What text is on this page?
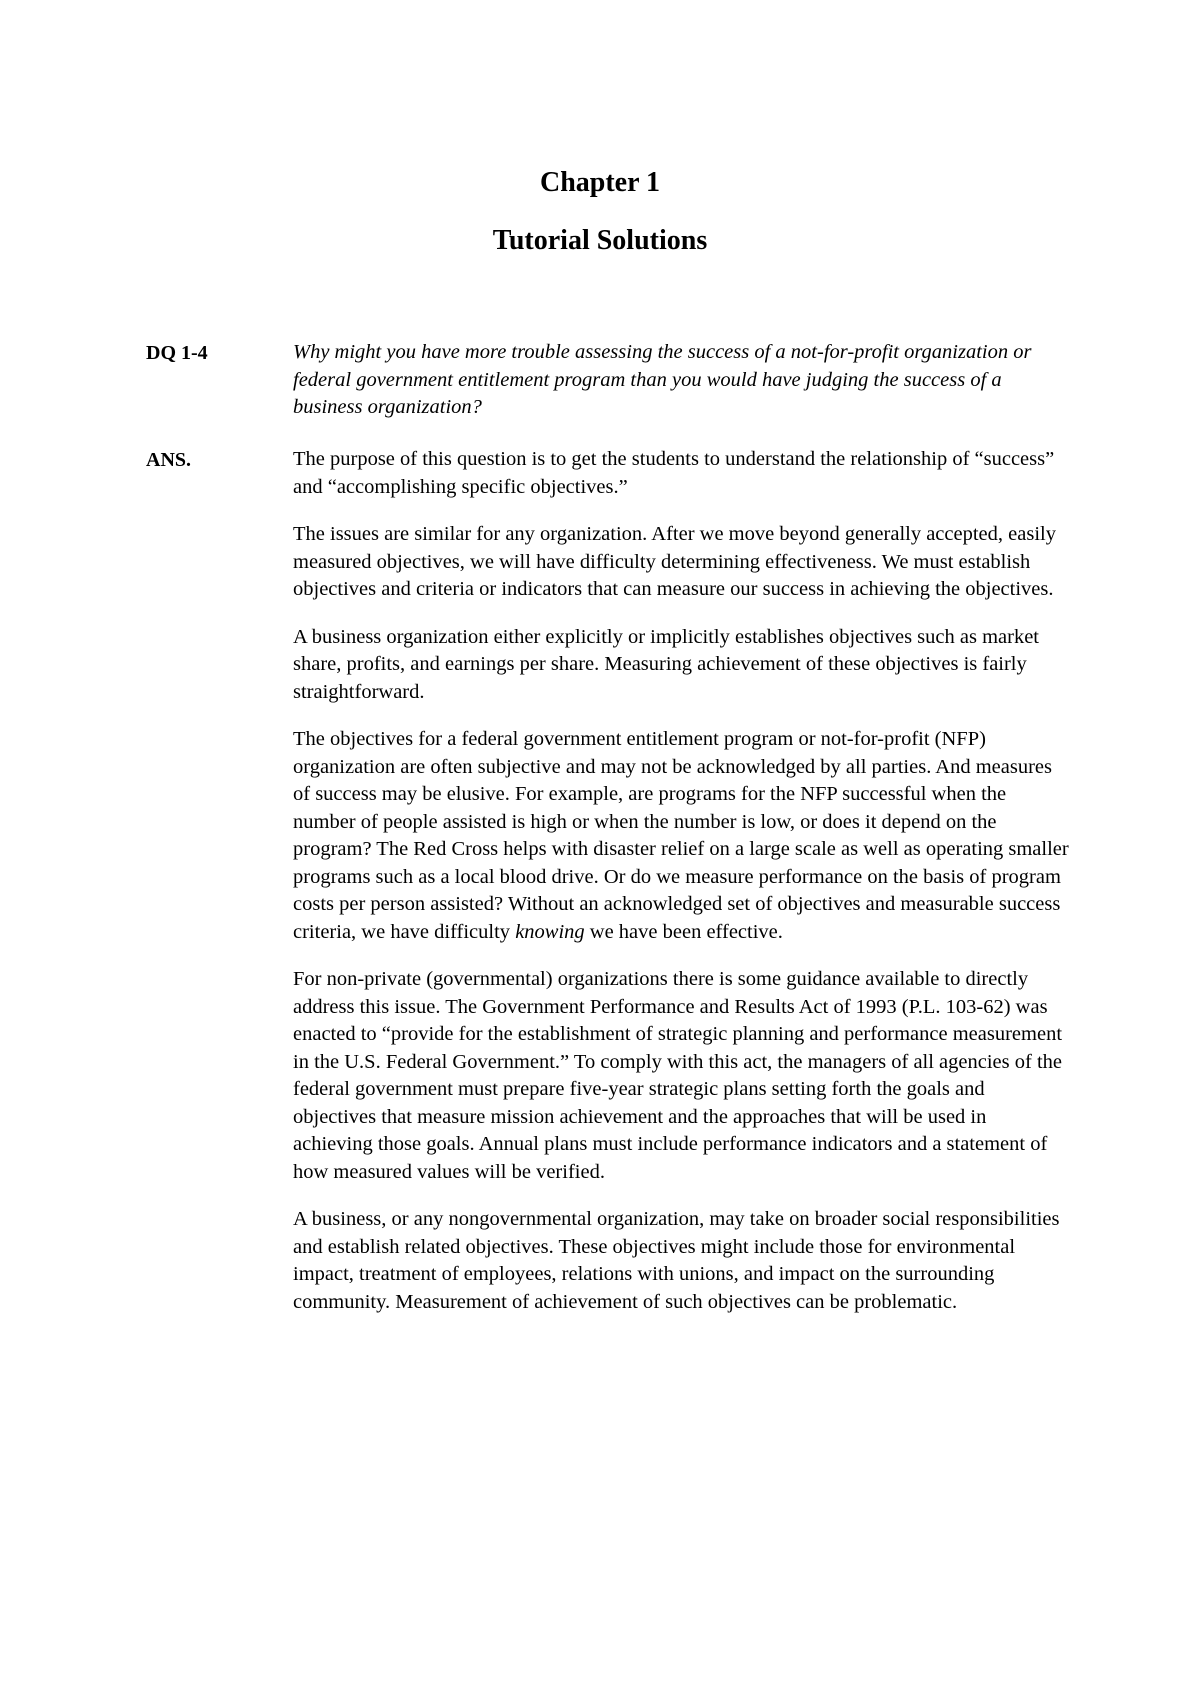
Chapter 1
Tutorial Solutions
DQ 1-4	Why might you have more trouble assessing the success of a not-for-profit organization or federal government entitlement program than you would have judging the success of a business organization?
ANS.	The purpose of this question is to get the students to understand the relationship of “success” and “accomplishing specific objectives.”

The issues are similar for any organization. After we move beyond generally accepted, easily measured objectives, we will have difficulty determining effectiveness. We must establish objectives and criteria or indicators that can measure our success in achieving the objectives.

A business organization either explicitly or implicitly establishes objectives such as market share, profits, and earnings per share. Measuring achievement of these objectives is fairly straightforward.

The objectives for a federal government entitlement program or not-for-profit (NFP) organization are often subjective and may not be acknowledged by all parties. And measures of success may be elusive. For example, are programs for the NFP successful when the number of people assisted is high or when the number is low, or does it depend on the program? The Red Cross helps with disaster relief on a large scale as well as operating smaller programs such as a local blood drive. Or do we measure performance on the basis of program costs per person assisted? Without an acknowledged set of objectives and measurable success criteria, we have difficulty knowing we have been effective.

For non-private (governmental) organizations there is some guidance available to directly address this issue. The Government Performance and Results Act of 1993 (P.L. 103-62) was enacted to “provide for the establishment of strategic planning and performance measurement in the U.S. Federal Government.” To comply with this act, the managers of all agencies of the federal government must prepare five-year strategic plans setting forth the goals and objectives that measure mission achievement and the approaches that will be used in achieving those goals. Annual plans must include performance indicators and a statement of how measured values will be verified.

A business, or any nongovernmental organization, may take on broader social responsibilities and establish related objectives. These objectives might include those for environmental impact, treatment of employees, relations with unions, and impact on the surrounding community. Measurement of achievement of such objectives can be problematic.
